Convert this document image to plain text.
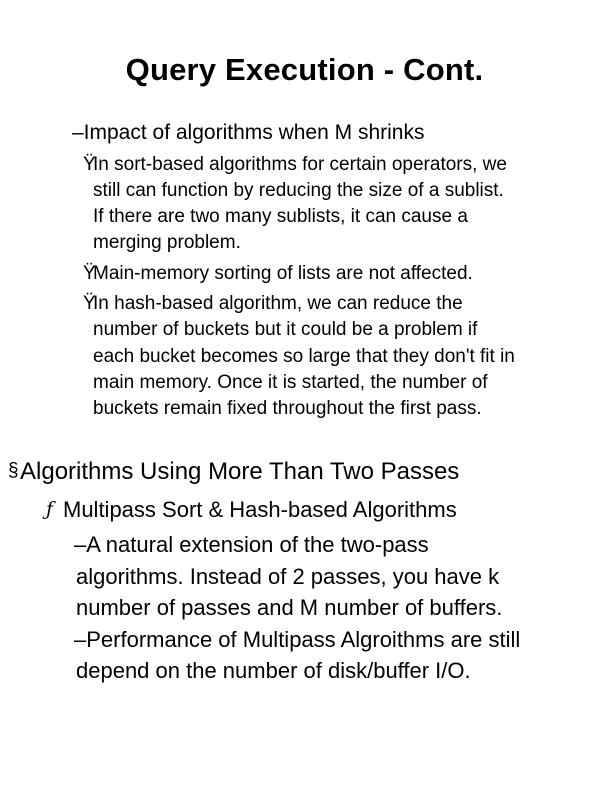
Query Execution - Cont.
–Impact of algorithms when M shrinks
Ÿ
In sort-based algorithms for certain operators, we
still can function by reducing the size of a sublist.
If there are two many sublists, it can cause a
merging problem.
Ÿ
Main-memory sorting of lists are not affected.
Ÿ
In hash-based algorithm, we can reduce the
number of buckets but it could be a problem if
each bucket becomes so large that they don't fit in
main memory. Once it is started, the number of
buckets remain fixed throughout the first pass.
§ Algorithms Using More Than Two Passes
ƒ Multipass Sort & Hash-based Algorithms
–A natural extension of the two-pass
algorithms. Instead of 2 passes, you have k
number of passes and M number of buffers.
–Performance of Multipass Algroithms are still
depend on the number of disk/buffer I/O.
